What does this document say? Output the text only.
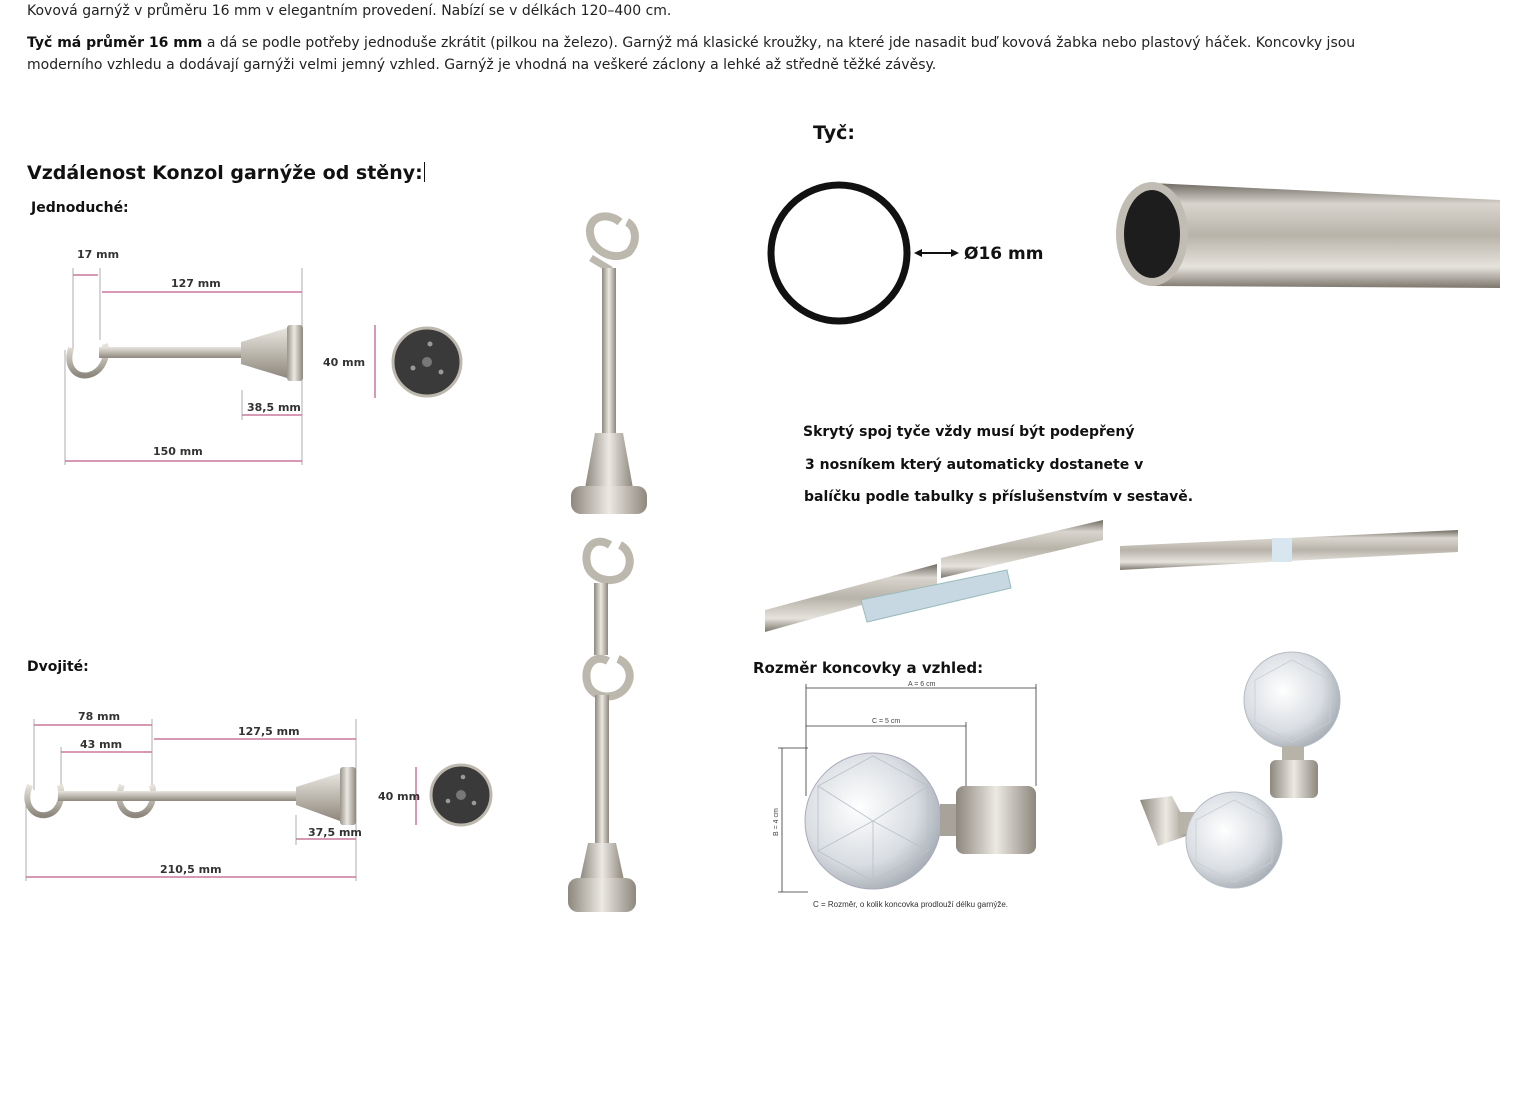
Kovová garnýž v průměru 16 mm v elegantním provedení. Nabízí se v délkách 120–400 cm.
Tyč má průměr 16 mm a dá se podle potřeby jednoduše zkrátit (pilkou na železo). Garnýž má klasické kroužky, na které jde nasadit buď kovová žabka nebo plastový háček. Koncovky jsou moderního vzhledu a dodávají garnýži velmi jemný vzhled. Garnýž je vhodná na veškeré záclony a lehké až středně těžké závěsy.
Tyč:
Vzdálenost Konzol garnýže od stěny:
Jednoduché:
Dvojité:	Rozměr koncovky a vzhled:
17 mm
127 mm
38,5 mm
150 mm
40 mm
Ø16 mm
Skrytý spoj tyče vždy musí být podepřený
3 nosníkem který automaticky dostanete v
balíčku podle tabulky s příslušenstvím v sestavě.
78 mm
43 mm
127,5 mm
37,5 mm
210,5 mm
40 mm
A = 6 cm
C = 5 cm
B = 4 cm
C = Rozměr, o kolik koncovka prodlouží délku garnýže.
